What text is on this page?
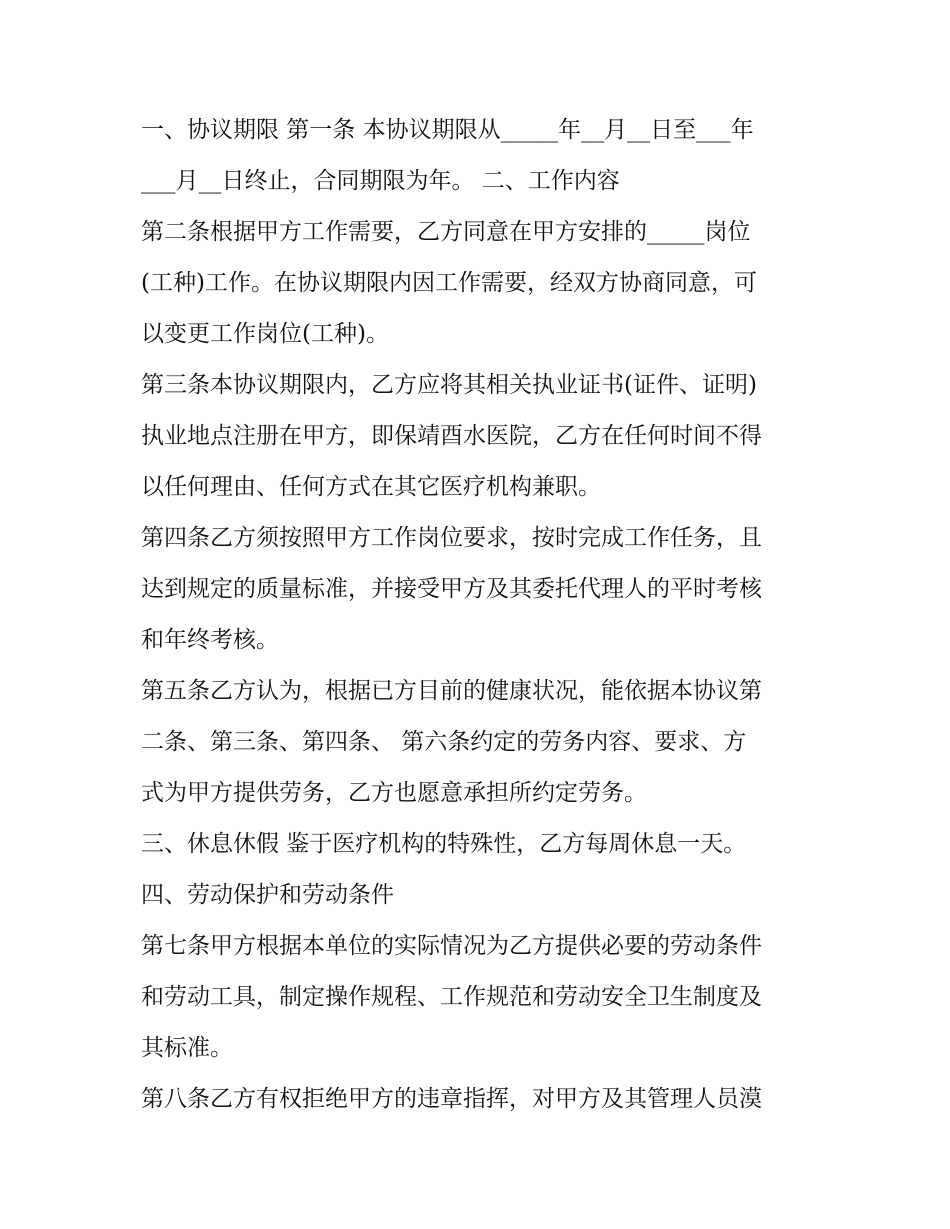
一、协议期限 第一条 本协议期限从_____年__月__日至___年
___月__日终止，合同期限为年。 二、工作内容
第二条根据甲方工作需要，乙方同意在甲方安排的_____岗位
(工种)工作。在协议期限内因工作需要，经双方协商同意，可
以变更工作岗位(工种)。
第三条本协议期限内，乙方应将其相关执业证书(证件、证明)
执业地点注册在甲方，即保靖酉水医院，乙方在任何时间不得
以任何理由、任何方式在其它医疗机构兼职。
第四条乙方须按照甲方工作岗位要求，按时完成工作任务，且
达到规定的质量标准，并接受甲方及其委托代理人的平时考核
和年终考核。
第五条乙方认为，根据已方目前的健康状况，能依据本协议第
二条、第三条、第四条、 第六条约定的劳务内容、要求、方
式为甲方提供劳务，乙方也愿意承担所约定劳务。
三、休息休假 鉴于医疗机构的特殊性，乙方每周休息一天。
四、劳动保护和劳动条件
第七条甲方根据本单位的实际情况为乙方提供必要的劳动条件
和劳动工具，制定操作规程、工作规范和劳动安全卫生制度及
其标准。
第八条乙方有权拒绝甲方的违章指挥，对甲方及其管理人员漠
